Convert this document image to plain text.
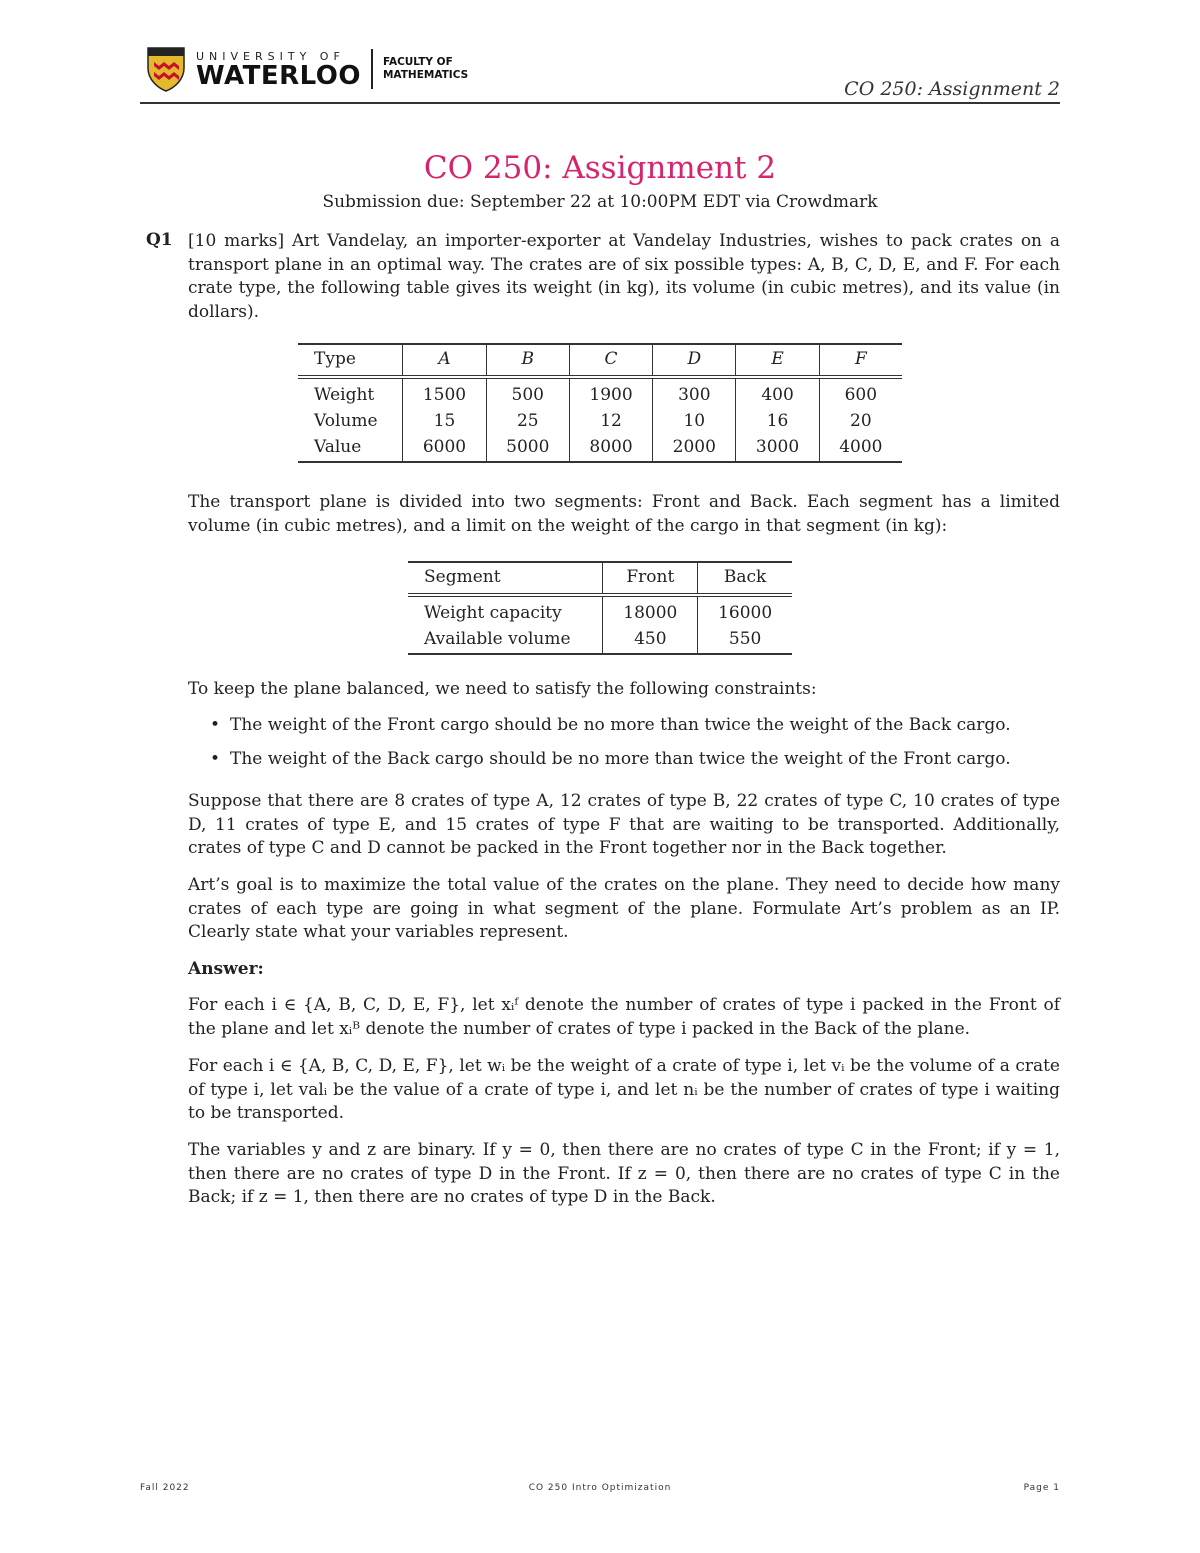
UNIVERSITY OF
WATERLOO FACULTY OF
MATHEMATICS
CO 250: Assignment 2
CO 250: Assignment 2
Submission due: September 22 at 10:00PM EDT via Crowdmark
Q1 [10 marks] Art Vandelay, an importer-exporter at Vandelay Industries, wishes to pack crates on a transport plane in an optimal way. The crates are of six possible types: A, B, C, D, E, and F. For each crate type, the following table gives its weight (in kg), its volume (in cubic metres), and its value (in dollars).

Type	A	B	C	D	E	F
Weight	1500	500	1900	300	400	600
Volume	15	25	12	10	16	20
Value	6000	5000	8000	2000	3000	4000

The transport plane is divided into two segments: Front and Back. Each segment has a limited volume (in cubic metres), and a limit on the weight of the cargo in that segment (in kg):

Segment	Front	Back
Weight capacity	18000	16000
Available volume	450	550

To keep the plane balanced, we need to satisfy the following constraints:

• The weight of the Front cargo should be no more than twice the weight of the Back cargo.
• The weight of the Back cargo should be no more than twice the weight of the Front cargo.

Suppose that there are 8 crates of type A, 12 crates of type B, 22 crates of type C, 10 crates of type D, 11 crates of type E, and 15 crates of type F that are waiting to be transported. Additionally, crates of type C and D cannot be packed in the Front together nor in the Back together.

Art’s goal is to maximize the total value of the crates on the plane. They need to decide how many crates of each type are going in what segment of the plane. Formulate Art’s problem as an IP. Clearly state what your variables represent.

Answer:

For each i ∈ {A, B, C, D, E, F}, let xᵢᶠ denote the number of crates of type i packed in the Front of the plane and let xᵢᴮ denote the number of crates of type i packed in the Back of the plane.

For each i ∈ {A, B, C, D, E, F}, let wᵢ be the weight of a crate of type i, let vᵢ be the volume of a crate of type i, let valᵢ be the value of a crate of type i, and let nᵢ be the number of crates of type i waiting to be transported.

The variables y and z are binary. If y = 0, then there are no crates of type C in the Front; if y = 1, then there are no crates of type D in the Front. If z = 0, then there are no crates of type C in the Back; if z = 1, then there are no crates of type D in the Back.

Fall 2022	CO 250 Intro Optimization	Page 1
